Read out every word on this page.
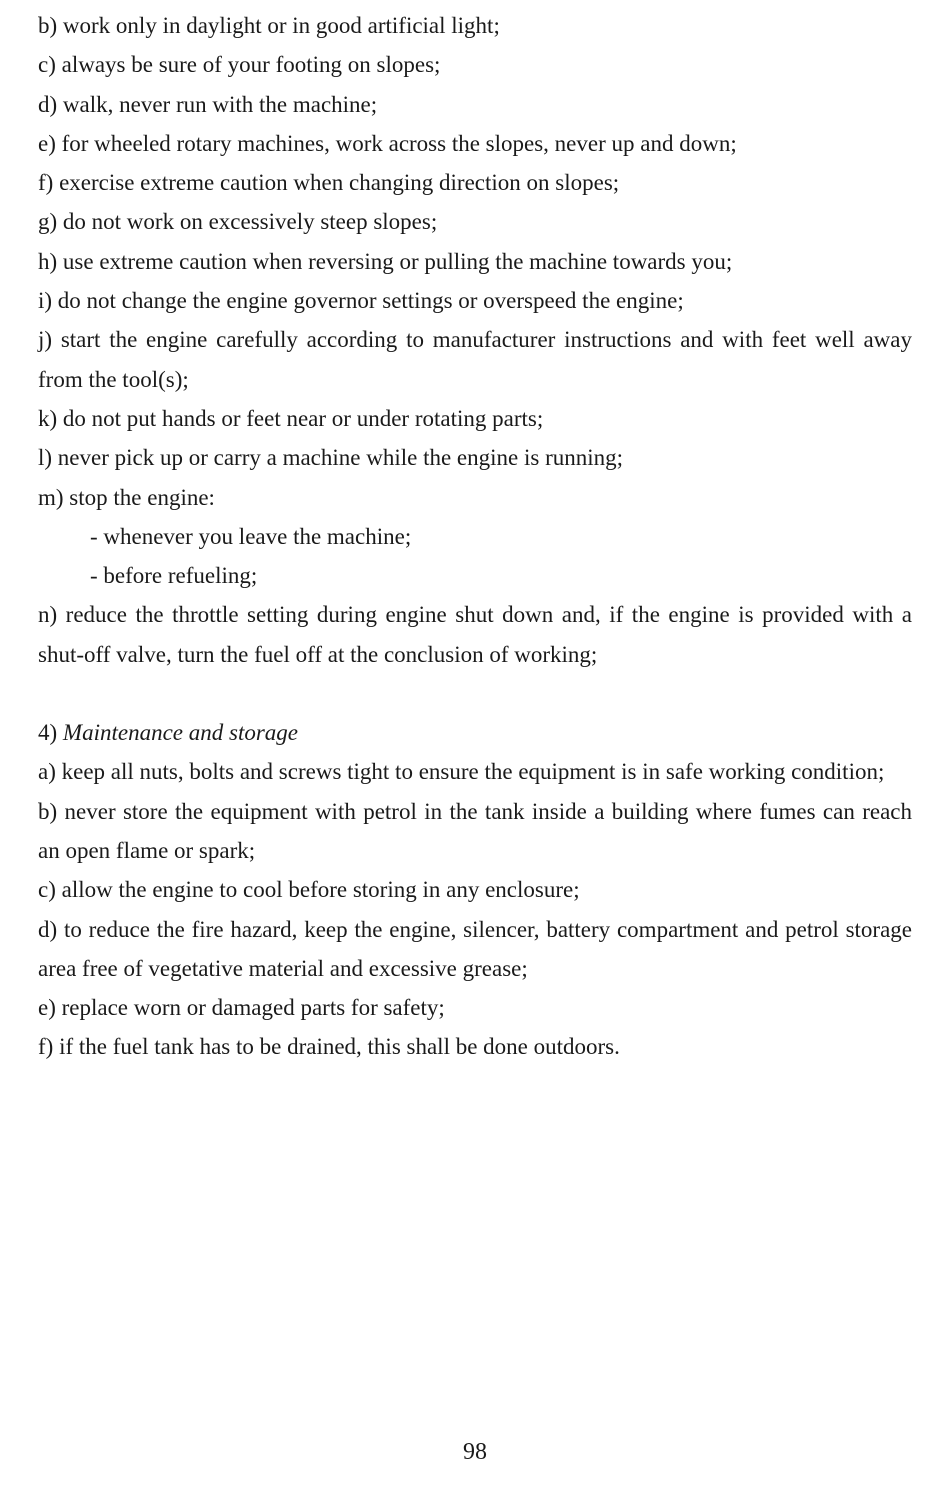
b) work only in daylight or in good artificial light;

c) always be sure of your footing on slopes;

d) walk, never run with the machine;

e) for wheeled rotary machines, work across the slopes, never up and down;

f) exercise extreme caution when changing direction on slopes;

g) do not work on excessively steep slopes;

h) use extreme caution when reversing or pulling the machine towards you;

i) do not change the engine governor settings or overspeed the engine;

j) start the engine carefully according to manufacturer instructions and with feet well away from the tool(s);

k) do not put hands or feet near or under rotating parts;

l) never pick up or carry a machine while the engine is running;

m) stop the engine:

- whenever you leave the machine;

- before refueling;

n) reduce the throttle setting during engine shut down and, if the engine is provided with a shut-off valve, turn the fuel off at the conclusion of working;

4) Maintenance and storage

a) keep all nuts, bolts and screws tight to ensure the equipment is in safe working condition;

b) never store the equipment with petrol in the tank inside a building where fumes can reach an open flame or spark;

c) allow the engine to cool before storing in any enclosure;

d) to reduce the fire hazard, keep the engine, silencer, battery compartment and petrol storage area free of vegetative material and excessive grease;

e) replace worn or damaged parts for safety;

f) if the fuel tank has to be drained, this shall be done outdoors.

98
